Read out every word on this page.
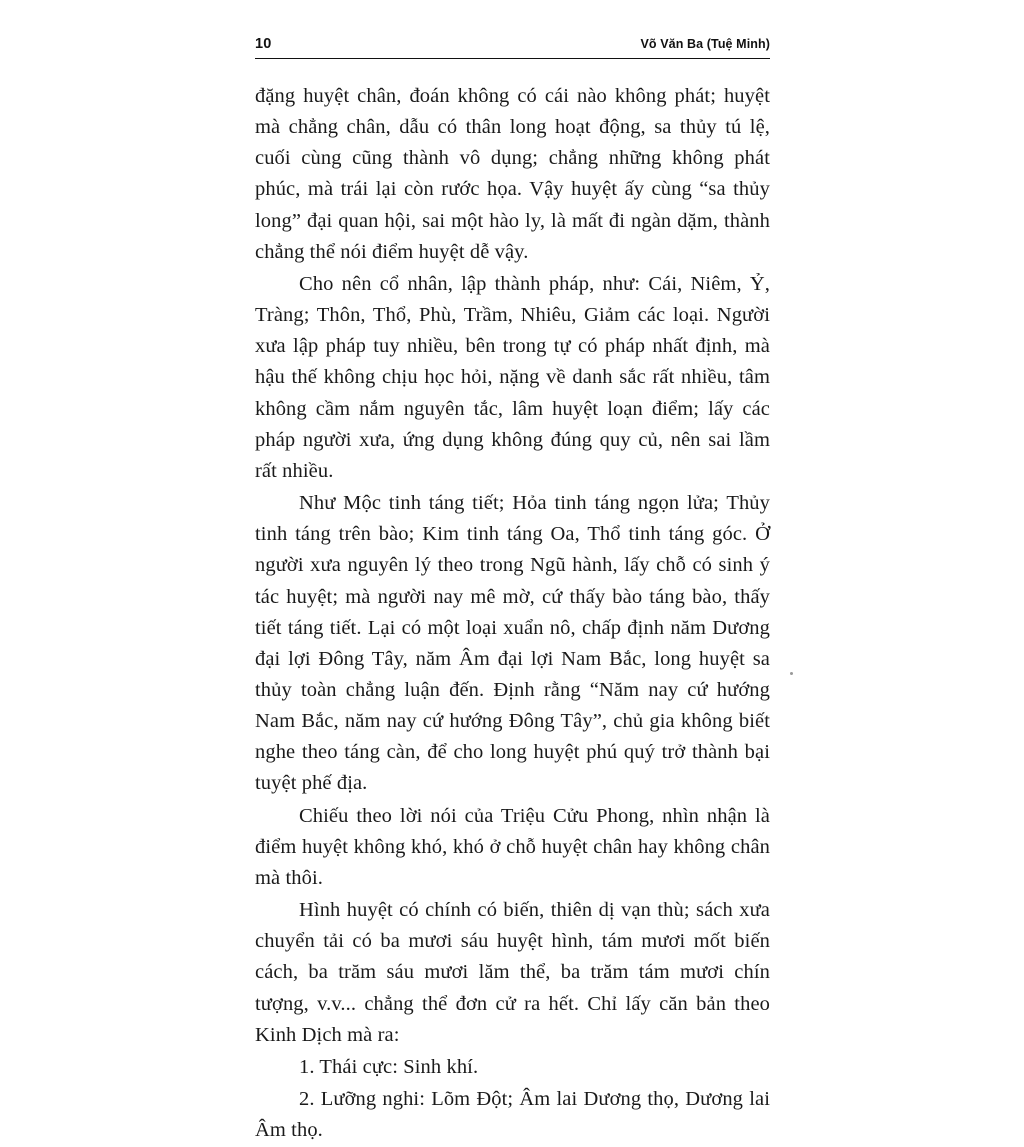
10	Võ Văn Ba (Tuệ Minh)

đặng huyệt chân, đoán không có cái nào không phát; huyệt mà chẳng chân, dẫu có thân long hoạt động, sa thủy tú lệ, cuối cùng cũng thành vô dụng; chẳng những không phát phúc, mà trái lại còn rước họa. Vậy huyệt ấy cùng “sa thủy long” đại quan hội, sai một hào ly, là mất đi ngàn dặm, thành chẳng thể nói điểm huyệt dễ vậy.

Cho nên cổ nhân, lập thành pháp, như: Cái, Niêm, Ỷ, Tràng; Thôn, Thổ, Phù, Trầm, Nhiêu, Giảm các loại. Người xưa lập pháp tuy nhiều, bên trong tự có pháp nhất định, mà hậu thế không chịu học hỏi, nặng về danh sắc rất nhiều, tâm không cầm nắm nguyên tắc, lâm huyệt loạn điểm; lấy các pháp người xưa, ứng dụng không đúng quy củ, nên sai lầm rất nhiều.

Như Mộc tinh táng tiết; Hỏa tinh táng ngọn lửa; Thủy tinh táng trên bào; Kim tinh táng Oa, Thổ tinh táng góc. Ở người xưa nguyên lý theo trong Ngũ hành, lấy chỗ có sinh ý tác huyệt; mà người nay mê mờ, cứ thấy bào táng bào, thấy tiết táng tiết. Lại có một loại xuẩn nô, chấp định năm Dương đại lợi Đông Tây, năm Âm đại lợi Nam Bắc, long huyệt sa thủy toàn chẳng luận đến. Định rằng “Năm nay cứ hướng Nam Bắc, năm nay cứ hướng Đông Tây”, chủ gia không biết nghe theo táng càn, để cho long huyệt phú quý trở thành bại tuyệt phế địa.

Chiếu theo lời nói của Triệu Cửu Phong, nhìn nhận là điểm huyệt không khó, khó ở chỗ huyệt chân hay không chân mà thôi.

Hình huyệt có chính có biến, thiên dị vạn thù; sách xưa chuyển tải có ba mươi sáu huyệt hình, tám mươi mốt biến cách, ba trăm sáu mươi lăm thể, ba trăm tám mươi chín tượng, v.v... chẳng thể đơn cử ra hết. Chỉ lấy căn bản theo Kinh Dịch mà ra:

1. Thái cực: Sinh khí.

2. Lưỡng nghi: Lõm Đột; Âm lai Dương thọ, Dương lai Âm thọ.
